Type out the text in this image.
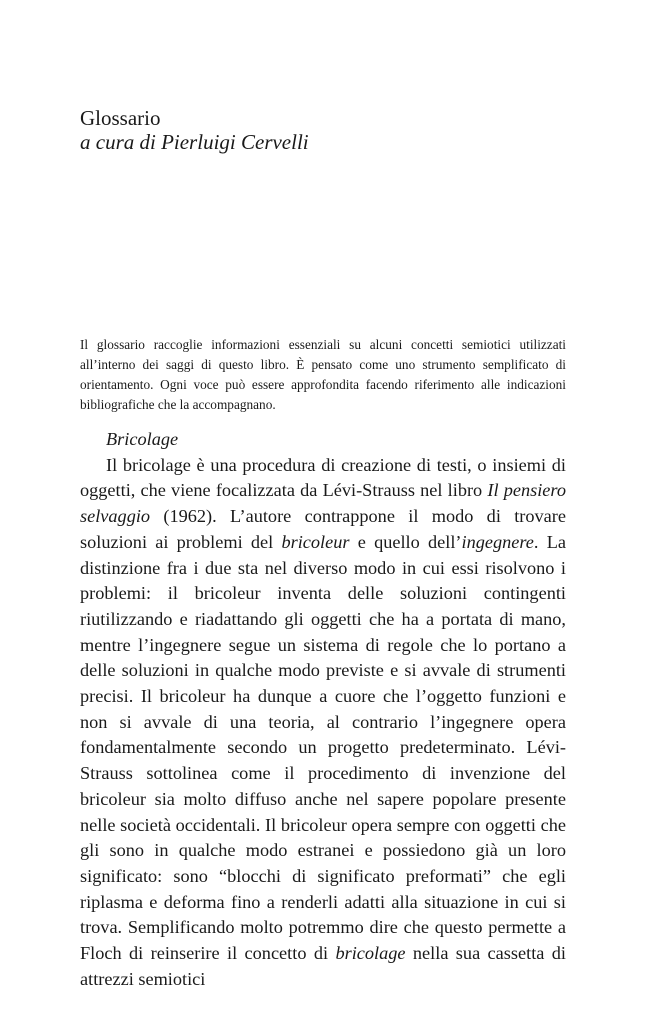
Glossario
a cura di Pierluigi Cervelli
Il glossario raccoglie informazioni essenziali su alcuni concetti semiotici utilizzati all’interno dei saggi di questo libro. È pensato come uno strumento semplificato di orientamento. Ogni voce può essere approfondita facendo riferimento alle indicazioni bibliografiche che la accompagnano.
Bricolage

Il bricolage è una procedura di creazione di testi, o insiemi di oggetti, che viene focalizzata da Lévi-Strauss nel libro Il pensiero selvaggio (1962). L’autore contrappone il modo di trovare soluzioni ai problemi del bricoleur e quello dell’ingegnere. La distinzione fra i due sta nel diverso modo in cui essi risolvono i problemi: il bricoleur inventa delle soluzioni contingenti riutilizzando e riadattando gli oggetti che ha a portata di mano, mentre l’ingegnere segue un sistema di regole che lo portano a delle soluzioni in qualche modo previste e si avvale di strumenti precisi. Il bricoleur ha dunque a cuore che l’oggetto funzioni e non si avvale di una teoria, al contrario l’ingegnere opera fondamentalmente secondo un progetto predeterminato. Lévi-Strauss sottolinea come il procedimento di invenzione del bricoleur sia molto diffuso anche nel sapere popolare presente nelle società occidentali. Il bricoleur opera sempre con oggetti che gli sono in qualche modo estranei e possiedono già un loro significato: sono “blocchi di significato preformati” che egli riplasma e deforma fino a renderli adatti alla situazione in cui si trova. Semplificando molto potremmo dire che questo permette a Floch di reinserire il concetto di bricolage nella sua cassetta di attrezzi semiotici
